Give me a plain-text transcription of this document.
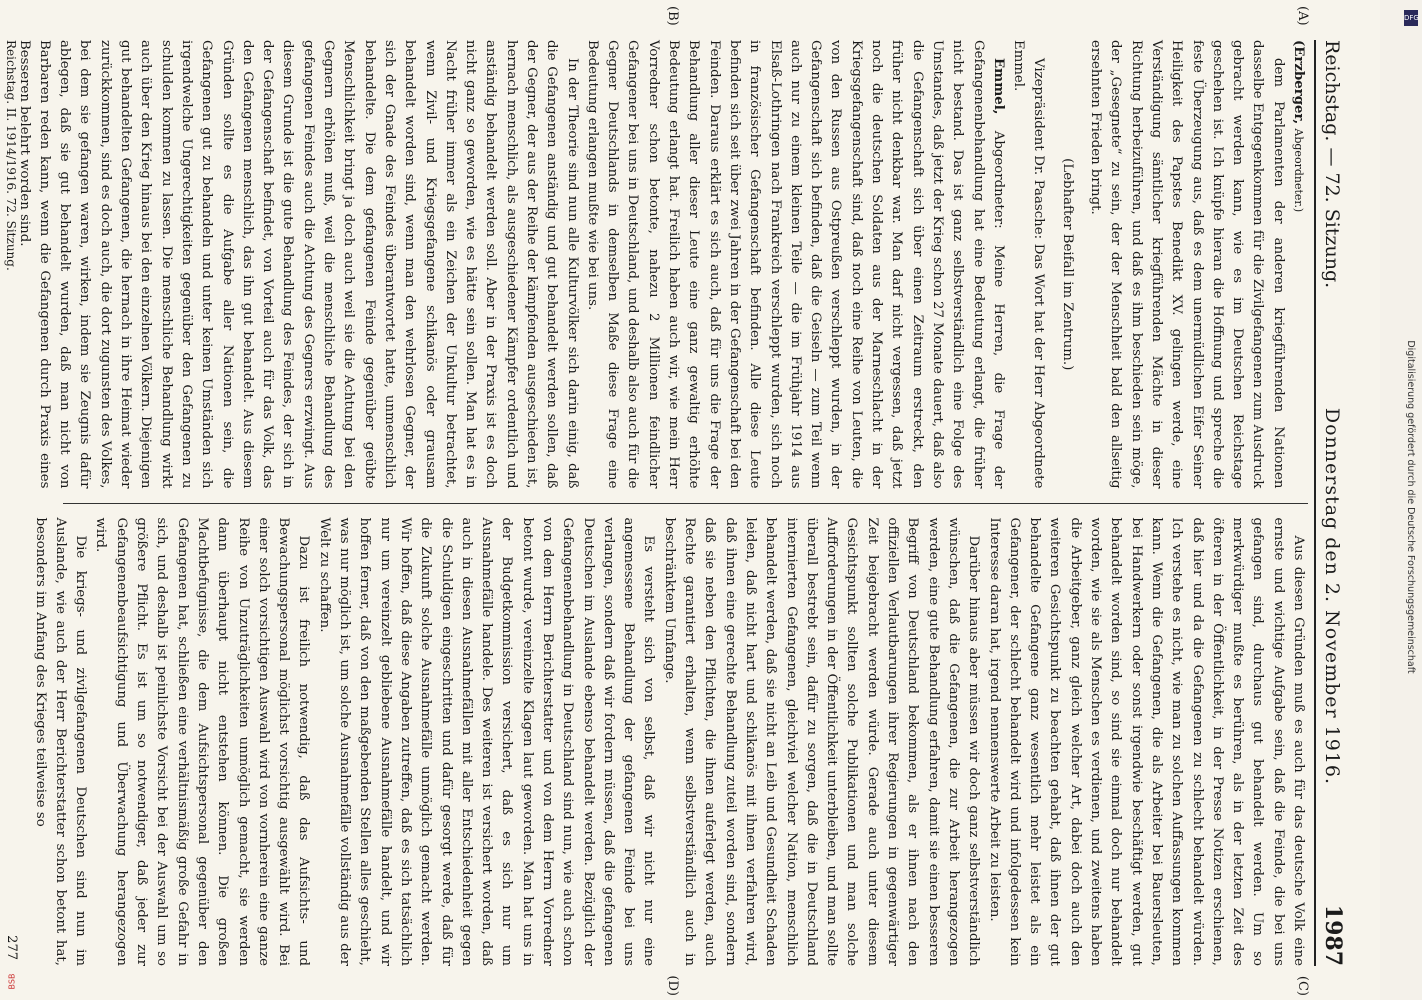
Reichstag. — 72. Sitzung.
Donnerstag den 2. November 1916.
1987

(Erzberger, Abgeordneter.)

dem Parlamenten der anderen kriegführenden Nationen dasselbe Entgegenkommen für die Zivilgefangenen zum Ausdruck gebracht werden kann, wie es im Deutschen Reichstage geschehen ist. Ich knüpfe hieran die Hoffnung und spreche die feste Überzeugung aus, daß es dem unermüdlichen Eifer Seiner Heiligkeit des Papstes Benedikt XV. gelingen werde, eine Verständigung sämtlicher kriegführenden Mächte in dieser Richtung herbeizuführen, und daß es ihm beschieden sein möge, der „Gesegnete“ zu sein, der der Menschheit bald den allseitig ersehnten Frieden bringt.

(Lebhafter Beifall im Zentrum.)

Vizepräsident Dr. Paasche: Das Wort hat der Herr Abgeordnete Emmel.

Emmel, Abgeordneter: Meine Herren, die Frage der Gefangenenbehandlung hat eine Bedeutung erlangt, die früher nicht bestand. Das ist ganz selbstverständlich eine Folge des Umstandes, daß jetzt der Krieg schon 27 Monate dauert, daß also die Gefangenschaft sich über einen Zeitraum erstreckt, den früher nicht denkbar war. Man darf nicht vergessen, daß jetzt noch die deutschen Soldaten aus der Marneschlacht in der Kriegsgefangenschaft sind, daß noch eine Reihe von Leuten, die von den Russen aus Ostpreußen verschleppt wurden, in der Gefangenschaft sich befinden, daß die Geiseln — zum Teil wenn auch nur zu einem kleinen Teile — die im Frühjahr 1914 aus Elsaß-Lothringen nach Frankreich verschleppt wurden, sich noch in französischer Gefangenschaft befinden. Alle diese Leute befinden sich seit über zwei Jahren in der Gefangenschaft bei den Feinden. Daraus erklärt es sich auch, daß für uns die Frage der Behandlung aller dieser Leute eine ganz gewaltig erhöhte Bedeutung erlangt hat. Freilich haben auch wir, wie mein Herr Vorredner schon betonte, nahezu 2 Millionen feindlicher Gefangener bei uns in Deutschland, und deshalb also auch für die Gegner Deutschlands in demselben Maße diese Frage eine Bedeutung erlangen mußte wie bei uns.

In der Theorie sind nun alle Kulturvölker sich darin einig, daß die Gefangenen anständig und gut behandelt werden sollen, daß der Gegner, der aus der Reihe der kämpfenden ausgeschieden ist, hernach menschlich, als ausgeschiedener Kämpfer ordentlich und anständig behandelt werden soll. Aber in der Praxis ist es doch nicht ganz so geworden, wie es hätte sein sollen. Man hat es in Nacht früher immer als ein Zeichen der Unkultur betrachtet, wenn Zivil- und Kriegsgefangene schikanös oder grausam behandelt worden sind, wenn man den wehrlosen Gegner, der sich der Gnade des Feindes überantwortet hatte, unmenschlich behandelte. Die dem gefangenen Feinde gegenüber geübte Menschlichkeit bringt ja doch auch weil sie die Achtung bei den Gegnern erhöhen muß, weil die menschliche Behandlung des gefangenen Feindes auch die Achtung des Gegners erzwingt. Aus diesem Grunde ist die gute Behandlung des Feindes, der sich in der Gefangenschaft befindet, von Vorteil auch für das Volk, das den Gefangenen menschlich, das ihn gut behandelt. Aus diesem Gründen sollte es die Aufgabe aller Nationen sein, die Gefangenen gut zu behandeln und unter keinen Umständen sich irgendwelche Ungerechtigkeiten gegenüber den Gefangenen zu schulden kommen zu lassen. Die menschliche Behandlung wirkt auch über den Krieg hinaus bei den einzelnen Völkern. Diejenigen gut behandelten Gefangenen, die hernach in ihre Heimat wieder zurückkommen, sind es doch auch, die dort zugunsten des Volkes, bei dem sie gefangen waren, wirken, indem sie Zeugnis dafür ablegen, daß sie gut behandelt wurden, daß man nicht von Barbaren reden kann, wenn die Gefangenen durch Praxis eines Besseren belehrt worden sind.

Aus diesen Gründen muß es auch für das deutsche Volk eine ernste und wichtige Aufgabe sein, daß die Feinde, die bei uns gefangen sind, durchaus gut behandelt werden. Um so merkwürdiger mußte es berühren, als in der letzten Zeit des öfteren in der Öffentlichkeit, in der Presse Notizen erschienen, daß hier und da die Gefangenen zu schlecht behandelt würden. Ich verstehe es nicht, wie man zu solchen Auffassungen kommen kann. Wenn die Gefangenen, die als Arbeiter bei Bauersleuten, bei Handwerkern oder sonst irgendwie beschäftigt werden, gut behandelt worden sind, so sind sie einmal doch nur behandelt worden, wie sie als Menschen es verdienen, und zweitens haben die Arbeitgeber, ganz gleich welcher Art, dabei doch auch den weiteren Gesichtspunkt zu beachten gehabt, daß ihnen der gut behandelte Gefangene ganz wesentlich mehr leistet als ein Gefangener, der schlecht behandelt wird und infolgedessen kein Interesse daran hat, irgend nennenswerte Arbeit zu leisten.

Darüber hinaus aber müssen wir doch ganz selbstverständlich wünschen, daß die Gefangenen, die zur Arbeit herangezogen werden, eine gute Behandlung erfahren, damit sie einen besseren Begriff von Deutschland bekommen, als er ihnen nach den offiziellen Verlautbarungen ihrer Regierungen in gegenwärtiger Zeit beigebracht werden würde. Gerade auch unter diesem Gesichtspunkt sollten solche Publikationen und man solche Aufforderungen in der Öffentlichkeit unterbleiben, und man sollte überall bestrebt sein, dafür zu sorgen, daß die in Deutschland internierten Gefangenen, gleichviel welcher Nation, menschlich behandelt werden, daß sie nicht an Leib und Gesundheit Schaden leiden, daß nicht hart und schikanös mit ihnen verfahren wird, daß ihnen eine gerechte Behandlung zuteil worden sind, sondern daß sie neben den Pflichten, die ihnen auferlegt werden, auch Rechte garantiert erhalten, wenn selbstverständlich auch in beschränktem Umfange.

Es versteht sich von selbst, daß wir nicht nur eine angemessene Behandlung der gefangenen Feinde bei uns verlangen, sondern daß wir fordern müssen, daß die gefangenen Deutschen im Auslande ebenso behandelt werden. Bezüglich der Gefangenenbehandlung in Deutschland sind nun, wie auch schon von dem Herrn Berichterstatter und von dem Herrn Vorredner betont wurde, vereinzelte Klagen laut geworden. Man hat uns in der Budgetkommission versichert, daß es sich nur um Ausnahmefälle handele. Des weiteren ist versichert worden, daß auch in diesen Ausnahmefällen mit aller Entschiedenheit gegen die Schuldigen eingeschritten und dafür gesorgt werde, daß für die Zukunft solche Ausnahmefälle unmöglich gemacht werden. Wir hoffen, daß diese Angaben zutreffen, daß es sich tatsächlich nur um vereinzelt gebliebene Ausnahmefälle handelt, und wir hoffen ferner, daß von den maßgebenden Stellen alles geschieht, was nur möglich ist, um solche Ausnahmefälle vollständig aus der Welt zu schaffen.

Dazu ist freilich notwendig, daß das Aufsichts- und Bewachungspersonal möglichst vorsichtig ausgewählt wird. Bei einer solch vorsichtigen Auswahl wird von vornherein eine ganze Reihe von Unzuträglichkeiten unmöglich gemacht, sie werden dann überhaupt nicht entstehen können. Die großen Machtbefugnisse, die dem Aufsichtspersonal gegenüber den Gefangenen hat, schließen eine verhältnismäßig große Gefahr in sich, und deshalb ist peinlichste Vorsicht bei der Auswahl um so größere Pflicht. Es ist um so notwendiger, daß jeder zur Gefangenenbeaufsichtigung und Überwachung herangezogen wird.

Die kriegs- und zivilgefangenen Deutschen sind nun im Auslande, wie auch der Herr Berichterstatter schon betont hat, besonders im Anfang des Krieges teilweise so

(A)
(B)
(C)
(D)
Reichstag. II. 1914/1916. 72. Sitzung.
277
DFG
Digitalisierung gefördert durch die Deutsche Forschungsgemeinschaft
BSB
